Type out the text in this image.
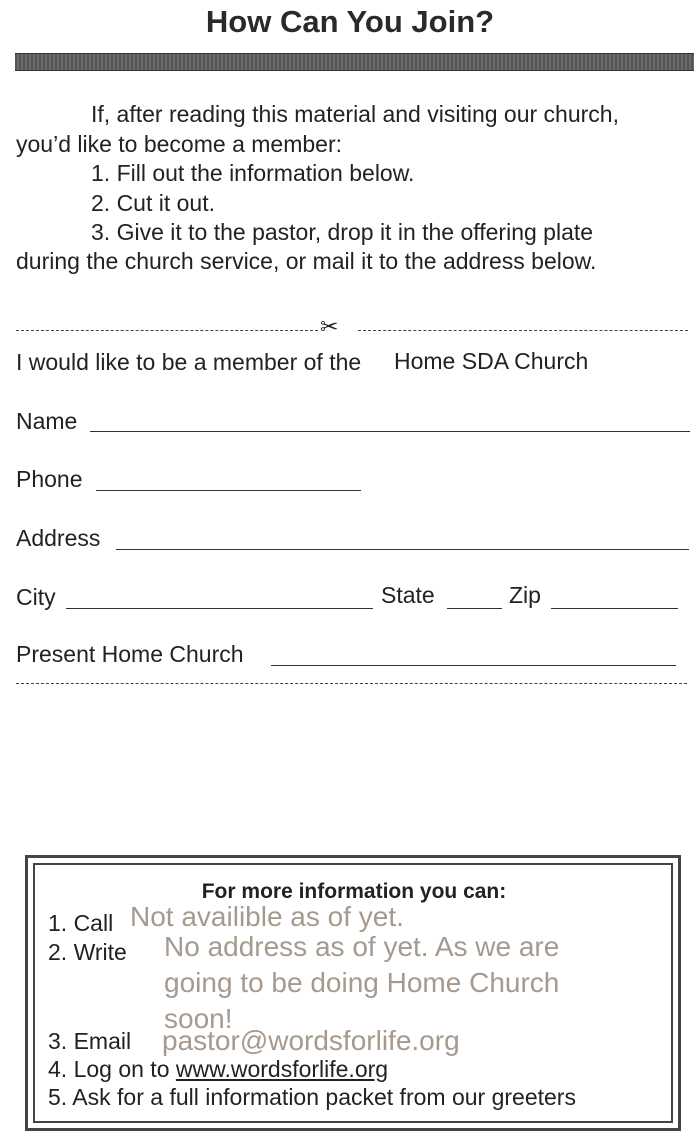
How Can You Join?
If, after reading this material and visiting our church,
you’d like to become a member:
1. Fill out the information below.
2. Cut it out.
3. Give it to the pastor, drop it in the offering plate
during the church service, or mail it to the address below.
✂
I would like to be a member of the Home SDA Church
Name
Phone
Address
City	State	Zip
Present Home Church
For more information you can:
1. Call Not availible as of yet.
2. Write No address as of yet. As we are
going to be doing Home Church
soon!
3. Email pastor@wordsforlife.org
4. Log on to www.wordsforlife.org
5. Ask for a full information packet from our greeters
